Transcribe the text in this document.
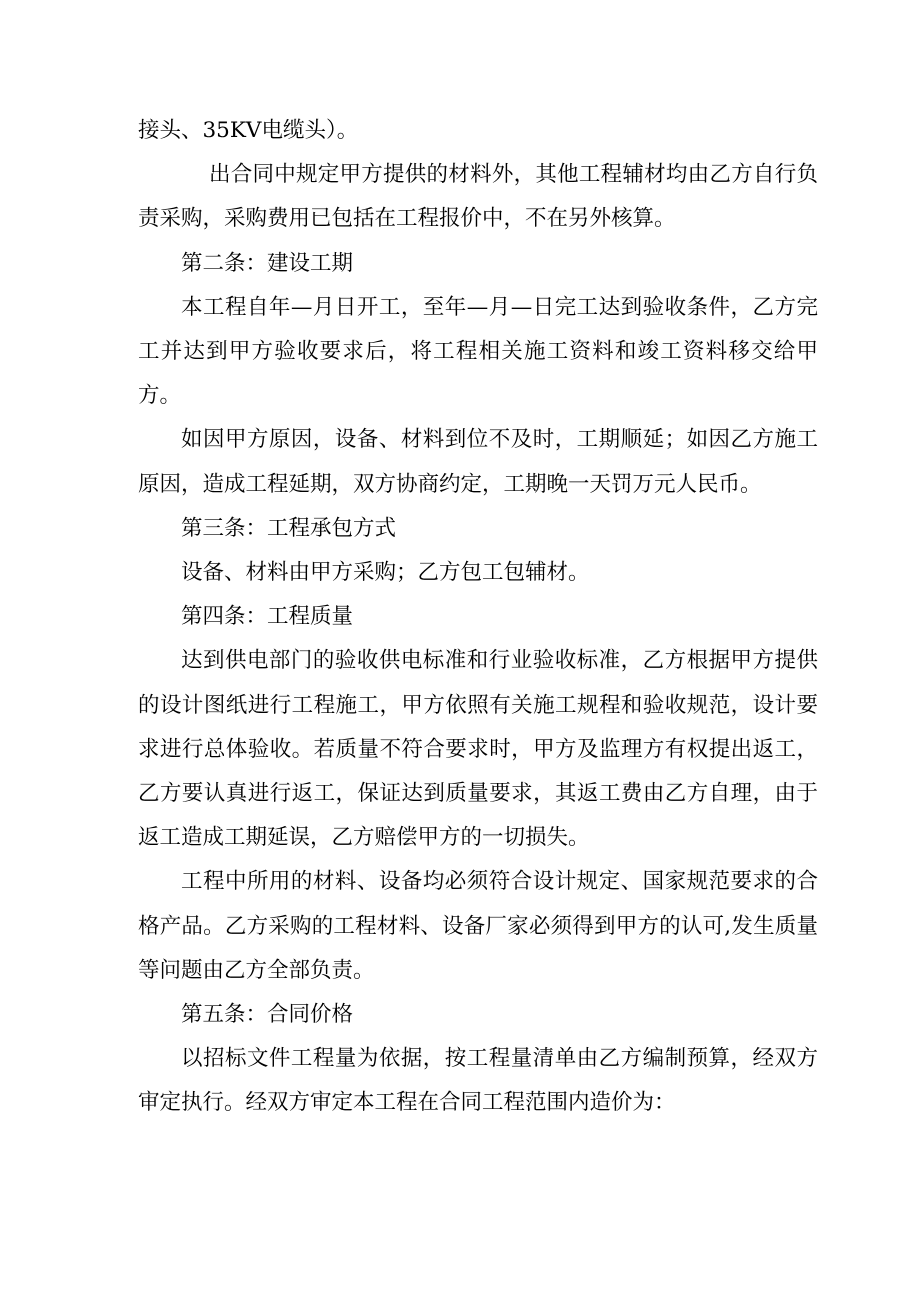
接头、35KV电缆头）。

出合同中规定甲方提供的材料外，其他工程辅材均由乙方自行负责采购，采购费用已包括在工程报价中，不在另外核算。

第二条：建设工期

本工程自年—月日开工，至年—月—日完工达到验收条件，乙方完工并达到甲方验收要求后，将工程相关施工资料和竣工资料移交给甲方。

如因甲方原因，设备、材料到位不及时，工期顺延；如因乙方施工原因，造成工程延期，双方协商约定，工期晚一天罚万元人民币。

第三条：工程承包方式

设备、材料由甲方采购；乙方包工包辅材。

第四条：工程质量

达到供电部门的验收供电标准和行业验收标准，乙方根据甲方提供的设计图纸进行工程施工，甲方依照有关施工规程和验收规范，设计要求进行总体验收。若质量不符合要求时，甲方及监理方有权提出返工，乙方要认真进行返工，保证达到质量要求，其返工费由乙方自理，由于返工造成工期延误，乙方赔偿甲方的一切损失。

工程中所用的材料、设备均必须符合设计规定、国家规范要求的合格产品。乙方采购的工程材料、设备厂家必须得到甲方的认可,发生质量等问题由乙方全部负责。

第五条：合同价格

以招标文件工程量为依据，按工程量清单由乙方编制预算，经双方审定执行。经双方审定本工程在合同工程范围内造价为：
